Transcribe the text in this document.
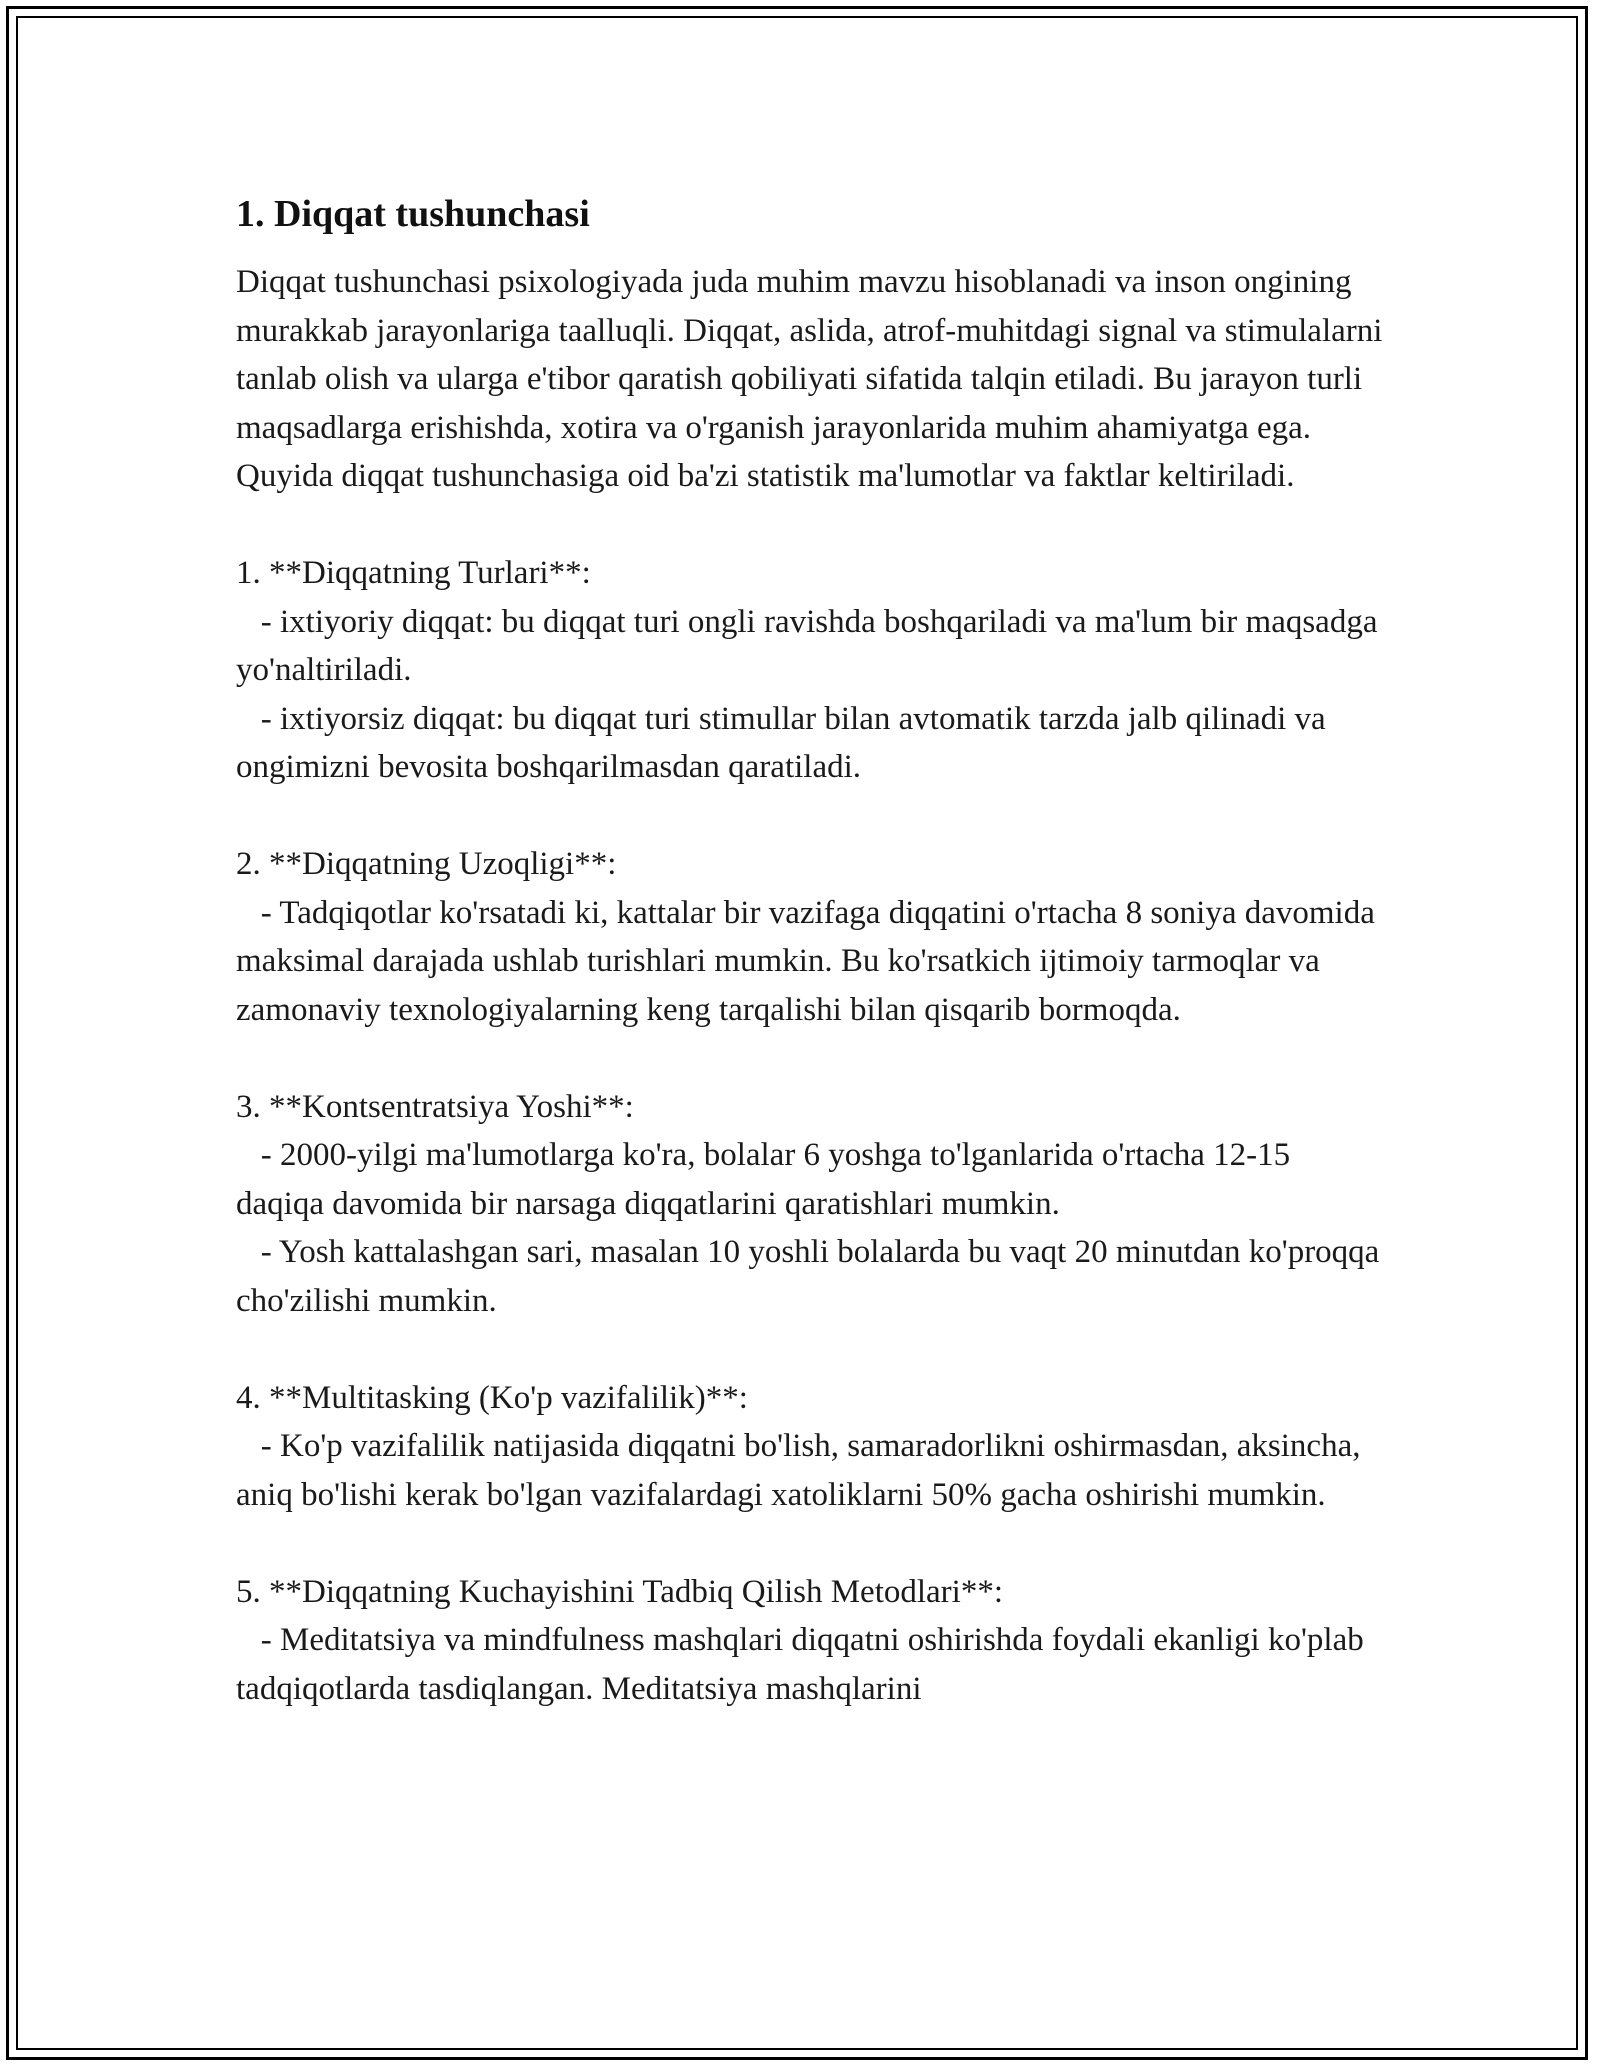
1. Diqqat tushunchasi

Diqqat tushunchasi psixologiyada juda muhim mavzu hisoblanadi va inson ongining murakkab jarayonlariga taalluqli. Diqqat, aslida, atrof-muhitdagi signal va stimulalarni tanlab olish va ularga e'tibor qaratish qobiliyati sifatida talqin etiladi. Bu jarayon turli maqsadlarga erishishda, xotira va o'rganish jarayonlarida muhim ahamiyatga ega. Quyida diqqat tushunchasiga oid ba'zi statistik ma'lumotlar va faktlar keltiriladi.

1. **Diqqatning Turlari**:

- ixtiyoriy diqqat: bu diqqat turi ongli ravishda boshqariladi va ma'lum bir maqsadga yo'naltiriladi.

- ixtiyorsiz diqqat: bu diqqat turi stimullar bilan avtomatik tarzda jalb qilinadi va ongimizni bevosita boshqarilmasdan qaratiladi.

2. **Diqqatning Uzoqligi**:

- Tadqiqotlar ko'rsatadi ki, kattalar bir vazifaga diqqatini o'rtacha 8 soniya davomida maksimal darajada ushlab turishlari mumkin. Bu ko'rsatkich ijtimoiy tarmoqlar va zamonaviy texnologiyalarning keng tarqalishi bilan qisqarib bormoqda.

3. **Kontsentratsiya Yoshi**:

- 2000-yilgi ma'lumotlarga ko'ra, bolalar 6 yoshga to'lganlarida o'rtacha 12-15 daqiqa davomida bir narsaga diqqatlarini qaratishlari mumkin.

- Yosh kattalashgan sari, masalan 10 yoshli bolalarda bu vaqt 20 minutdan ko'proqqa cho'zilishi mumkin.

4. **Multitasking (Ko'p vazifalilik)**:

- Ko'p vazifalilik natijasida diqqatni bo'lish, samaradorlikni oshirmasdan, aksincha, aniq bo'lishi kerak bo'lgan vazifalardagi xatoliklarni 50% gacha oshirishi mumkin.

5. **Diqqatning Kuchayishini Tadbiq Qilish Metodlari**:

- Meditatsiya va mindfulness mashqlari diqqatni oshirishda foydali ekanligi ko'plab tadqiqotlarda tasdiqlangan. Meditatsiya mashqlarini
